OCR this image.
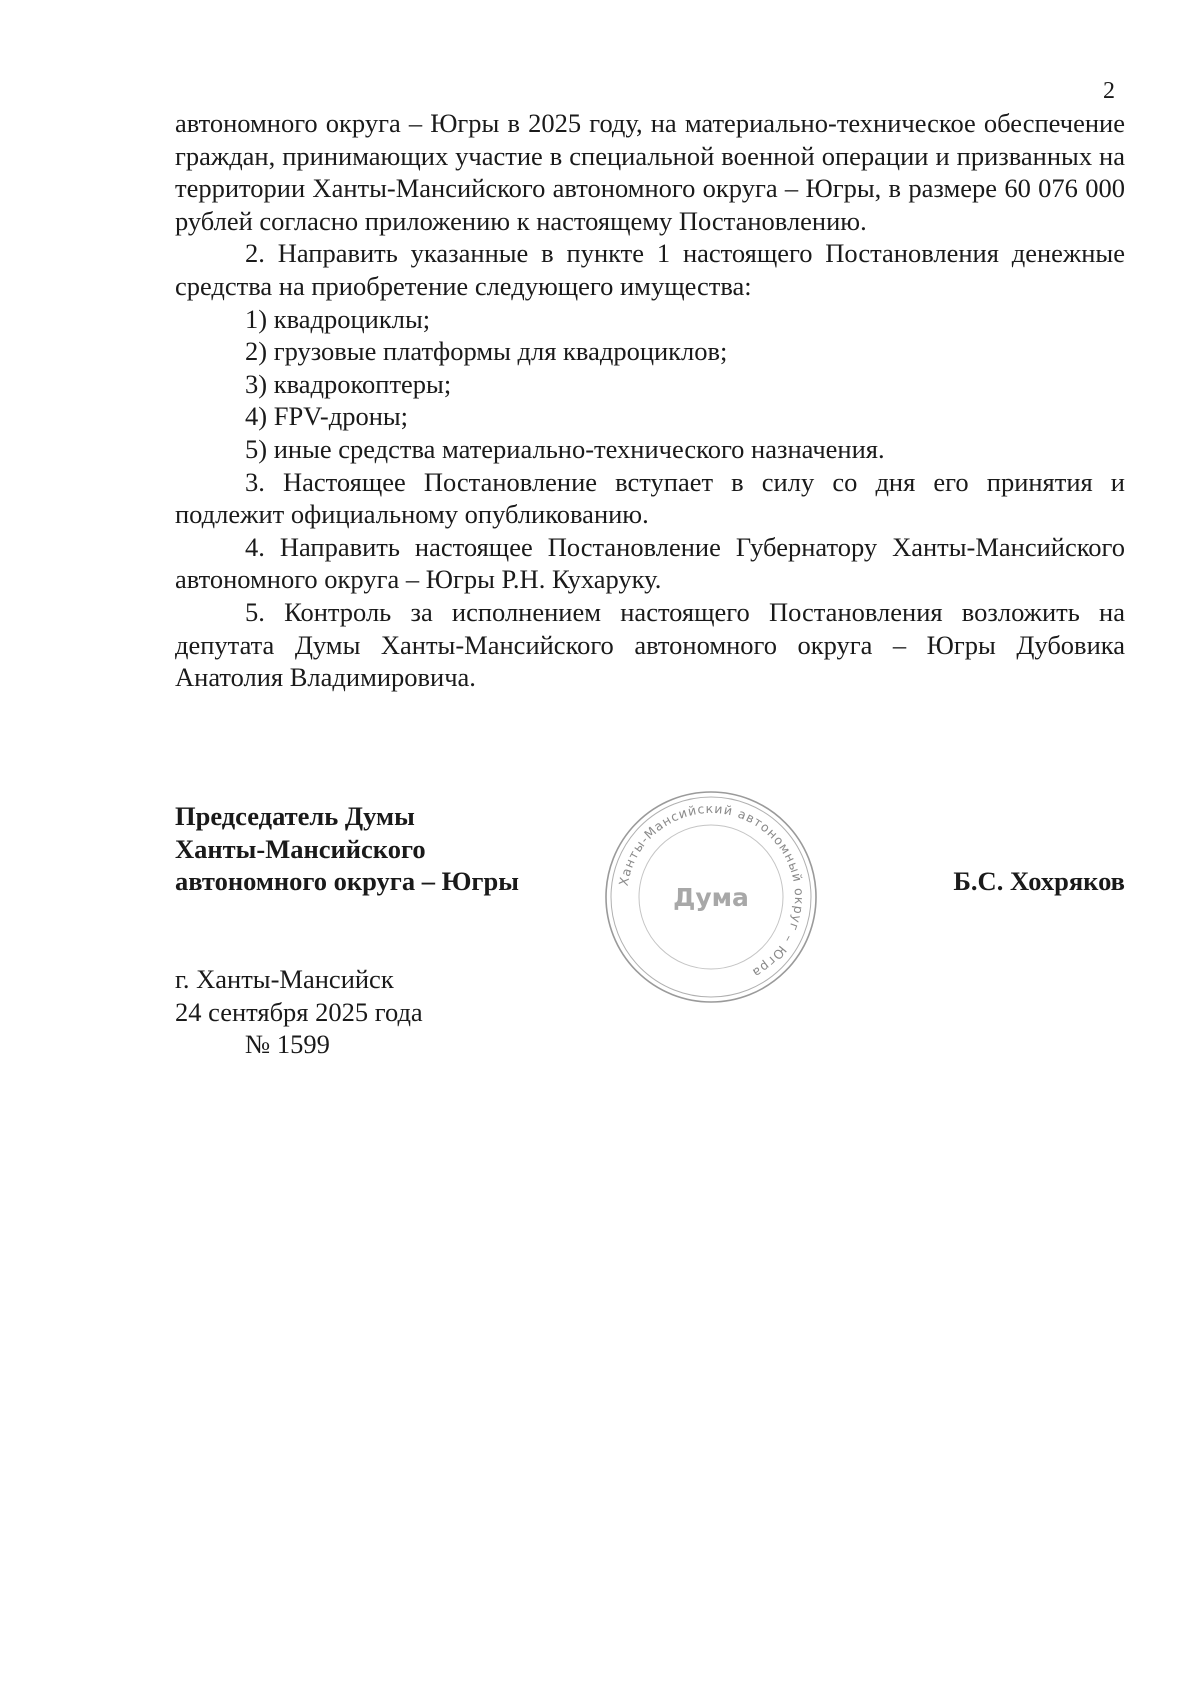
2

автономного округа – Югры в 2025 году, на материально-техническое обеспечение граждан, принимающих участие в специальной военной операции и призванных на территории Ханты-Мансийского автономного округа – Югры, в размере 60 076 000 рублей согласно приложению к настоящему Постановлению.

2. Направить указанные в пункте 1 настоящего Постановления денежные средства на приобретение следующего имущества:

1) квадроциклы;

2) грузовые платформы для квадроциклов;

3) квадрокоптеры;

4) FPV-дроны;

5) иные средства материально-технического назначения.

3. Настоящее Постановление вступает в силу со дня его принятия и подлежит официальному опубликованию.

4. Направить настоящее Постановление Губернатору Ханты-Мансийского автономного округа – Югры Р.Н. Кухаруку.

5. Контроль за исполнением настоящего Постановления возложить на депутата Думы Ханты-Мансийского автономного округа – Югры Дубовика Анатолия Владимировича.

Председатель Думы
Ханты-Мансийского
автономного округа – Югры	Б.С. Хохряков
Ханты-Мансийский автономный округ – Югра
Дума
г. Ханты-Мансийск
24 сентября 2025 года
№ 1599
